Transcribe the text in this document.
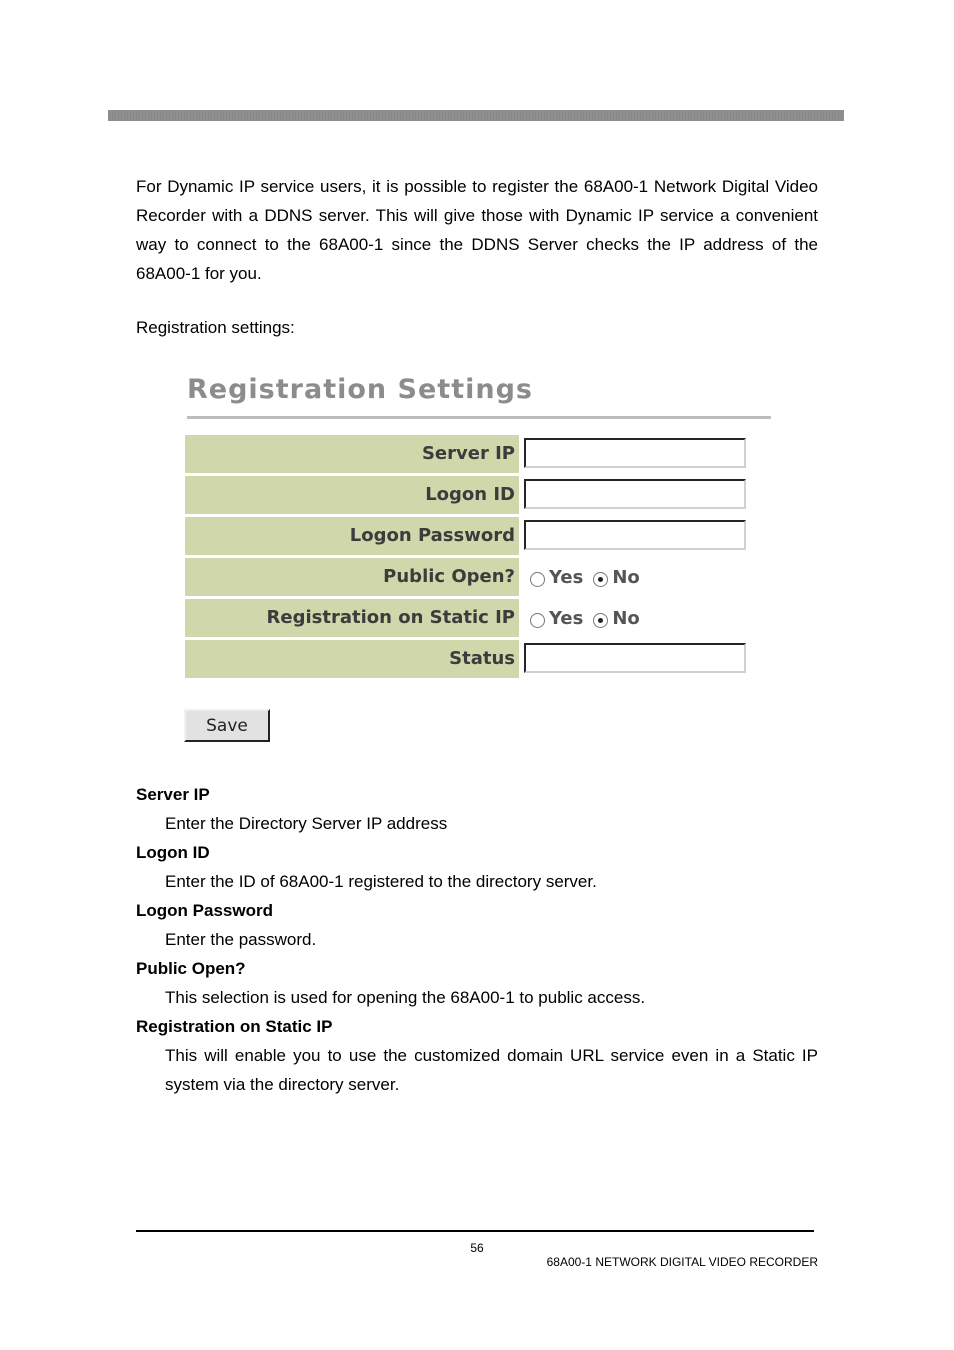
For Dynamic IP service users, it is possible to register the 68A00-1 Network Digital Video Recorder with a DDNS server. This will give those with Dynamic IP service a convenient way to connect to the 68A00-1 since the DDNS Server checks the IP address of the 68A00-1 for you.

Registration settings:

Registration Settings
Server IP
Logon ID
Logon Password
Public Open? Yes No
Registration on Static IP Yes No
Status
Save

Server IP

Enter the Directory Server IP address

Logon ID

Enter the ID of 68A00-1 registered to the directory server.

Logon Password

Enter the password.

Public Open?

This selection is used for opening the 68A00-1 to public access.

Registration on Static IP

This will enable you to use the customized domain URL service even in a Static IP system via the directory server.

56
68A00-1 NETWORK DIGITAL VIDEO RECORDER
